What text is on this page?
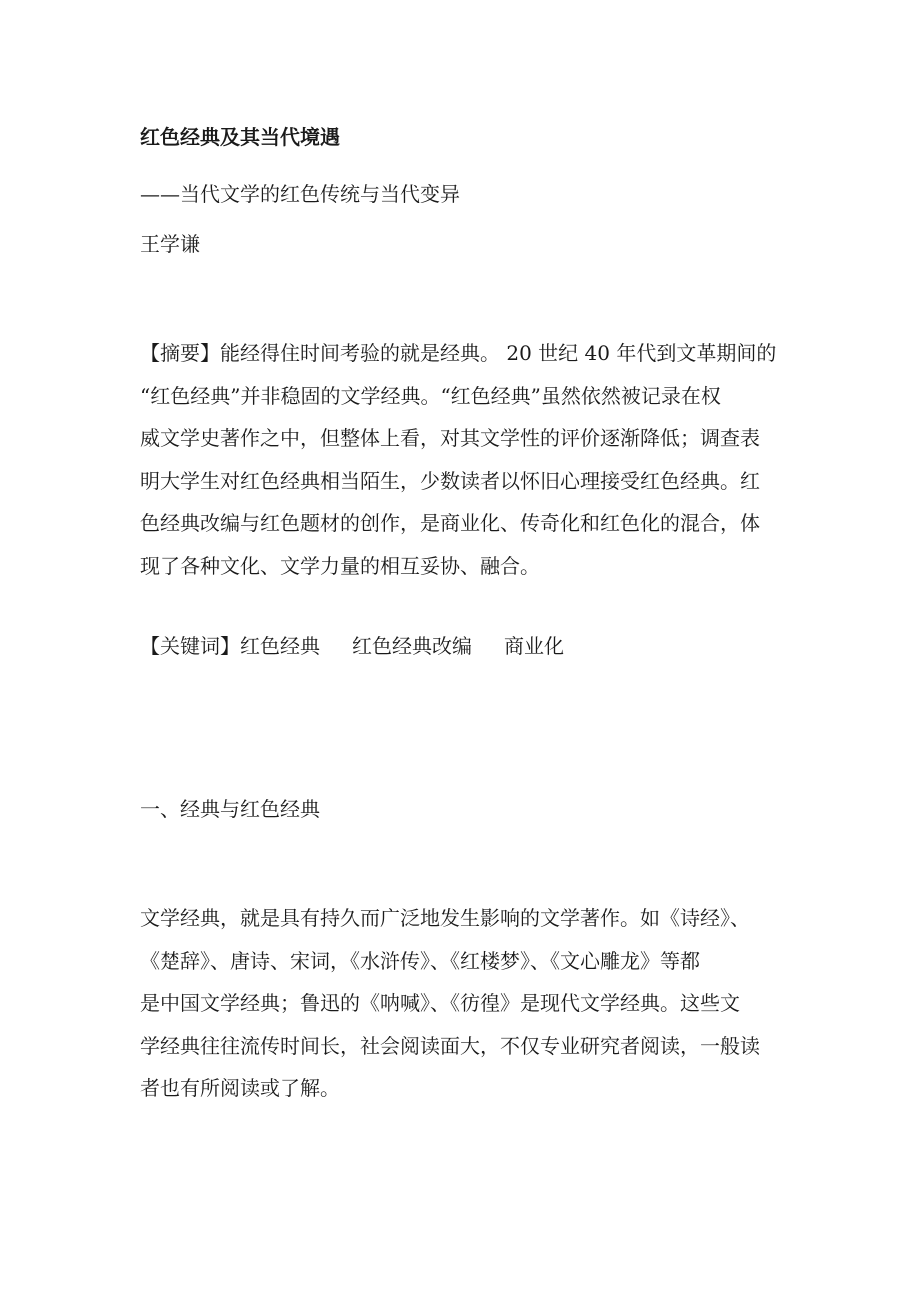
红色经典及其当代境遇
——当代文学的红色传统与当代变异
王学谦
【摘要】能经得住时间考验的就是经典。 20 世纪 40 年代到文革期间的
“红色经典”并非稳固的文学经典。“红色经典”虽然依然被记录在权
威文学史著作之中，但整体上看，对其文学性的评价逐渐降低；调查表
明大学生对红色经典相当陌生，少数读者以怀旧心理接受红色经典。红
色经典改编与红色题材的创作，是商业化、传奇化和红色化的混合，体
现了各种文化、文学力量的相互妥协、融合。
【关键词】红色经典 红色经典改编 商业化
一、经典与红色经典
文学经典，就是具有持久而广泛地发生影响的文学著作。如《诗经》、
《楚辞》、唐诗、宋词，《水浒传》、《红楼梦》、《文心雕龙》等都
是中国文学经典；鲁迅的《呐喊》、《彷徨》是现代文学经典。这些文
学经典往往流传时间长，社会阅读面大，不仅专业研究者阅读，一般读
者也有所阅读或了解。
